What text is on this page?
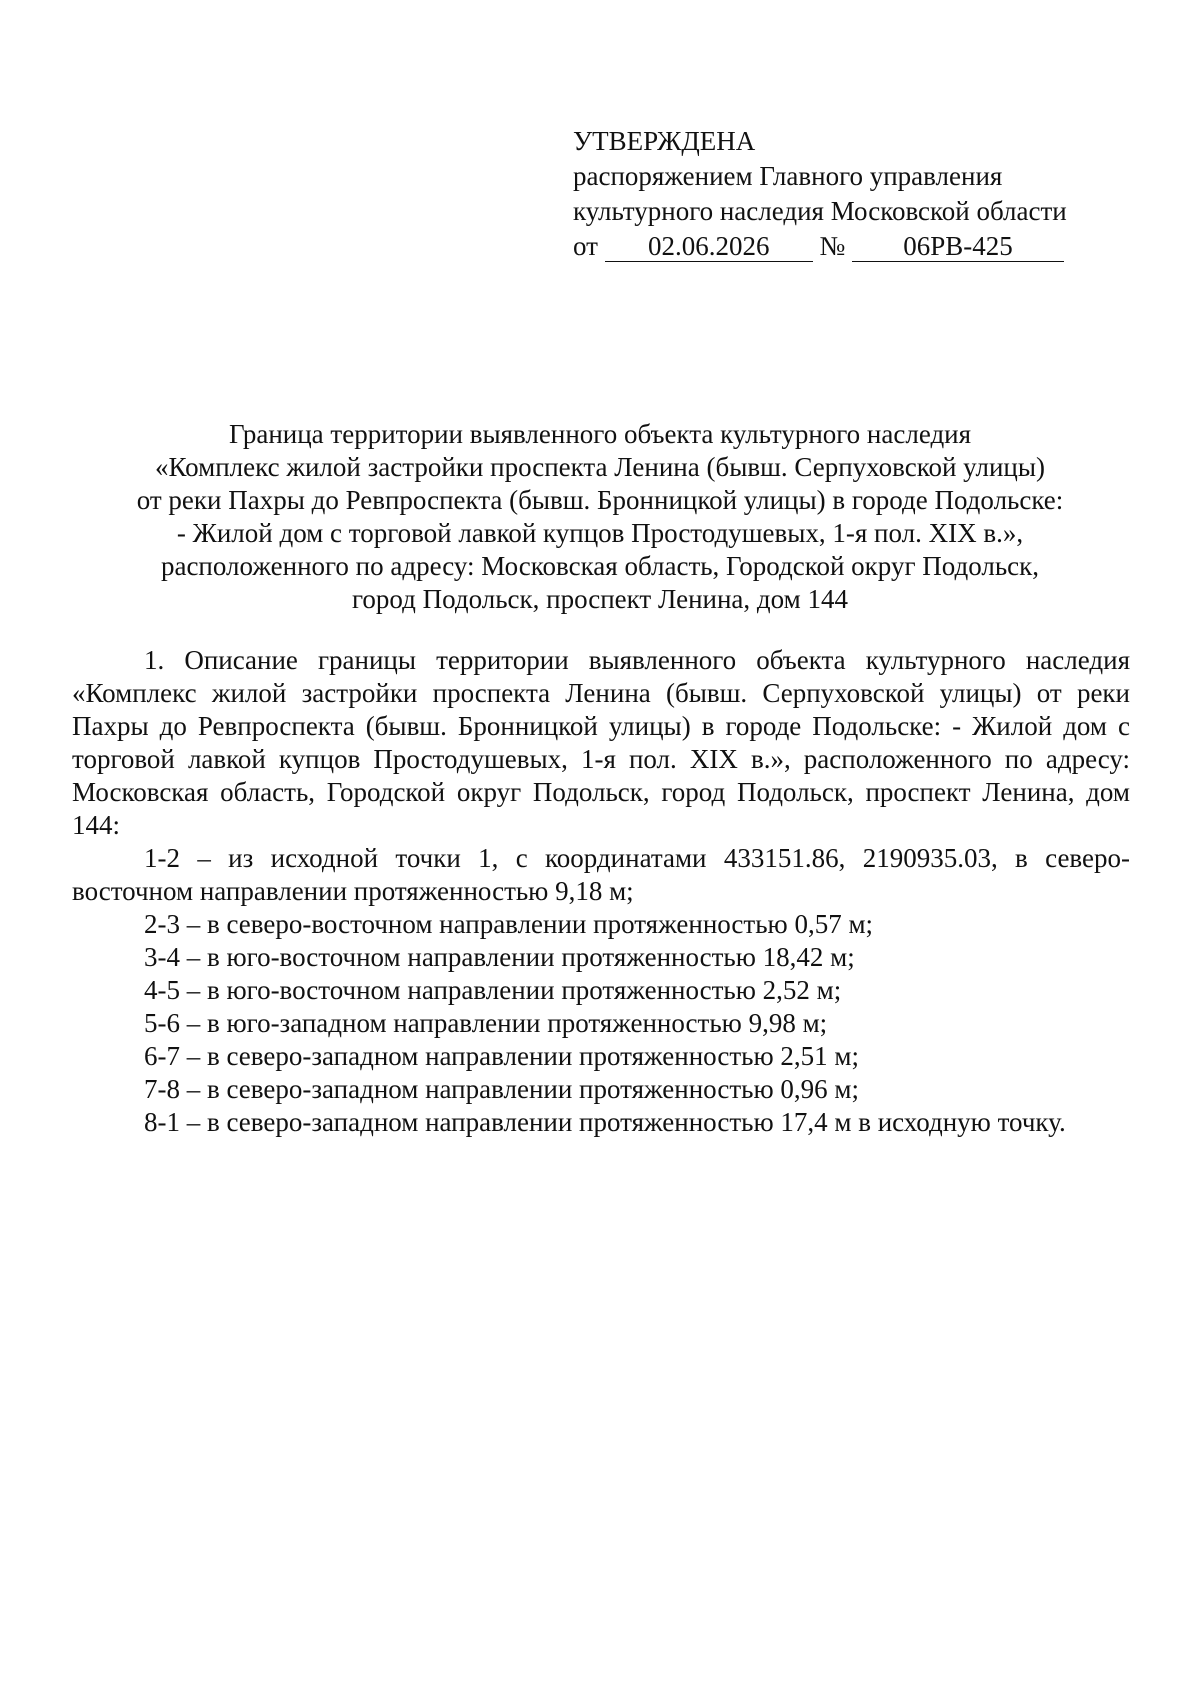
УТВЕРЖДЕНА
распоряжением Главного управления
культурного наследия Московской области
от 02.06.2026 № 06РВ-425
Граница территории выявленного объекта культурного наследия
«Комплекс жилой застройки проспекта Ленина (бывш. Серпуховской улицы)
от реки Пахры до Ревпроспекта (бывш. Бронницкой улицы) в городе Подольске:
- Жилой дом с торговой лавкой купцов Простодушевых, 1-я пол. XIX в.»,
расположенного по адресу: Московская область, Городской округ Подольск,
город Подольск, проспект Ленина, дом 144

1. Описание границы территории выявленного объекта культурного наследия «Комплекс жилой застройки проспекта Ленина (бывш. Серпуховской улицы) от реки Пахры до Ревпроспекта (бывш. Бронницкой улицы) в городе Подольске: - Жилой дом с торговой лавкой купцов Простодушевых, 1-я пол. XIX в.», расположенного по адресу: Московская область, Городской округ Подольск, город Подольск, проспект Ленина, дом 144:

1-2 – из исходной точки 1, с координатами 433151.86, 2190935.03, в северо-восточном направлении протяженностью 9,18 м;
2-3 – в северо-восточном направлении протяженностью 0,57 м;
3-4 – в юго-восточном направлении протяженностью 18,42 м;
4-5 – в юго-восточном направлении протяженностью 2,52 м;
5-6 – в юго-западном направлении протяженностью 9,98 м;
6-7 – в северо-западном направлении протяженностью 2,51 м;
7-8 – в северо-западном направлении протяженностью 0,96 м;
8-1 – в северо-западном направлении протяженностью 17,4 м в исходную точку.
